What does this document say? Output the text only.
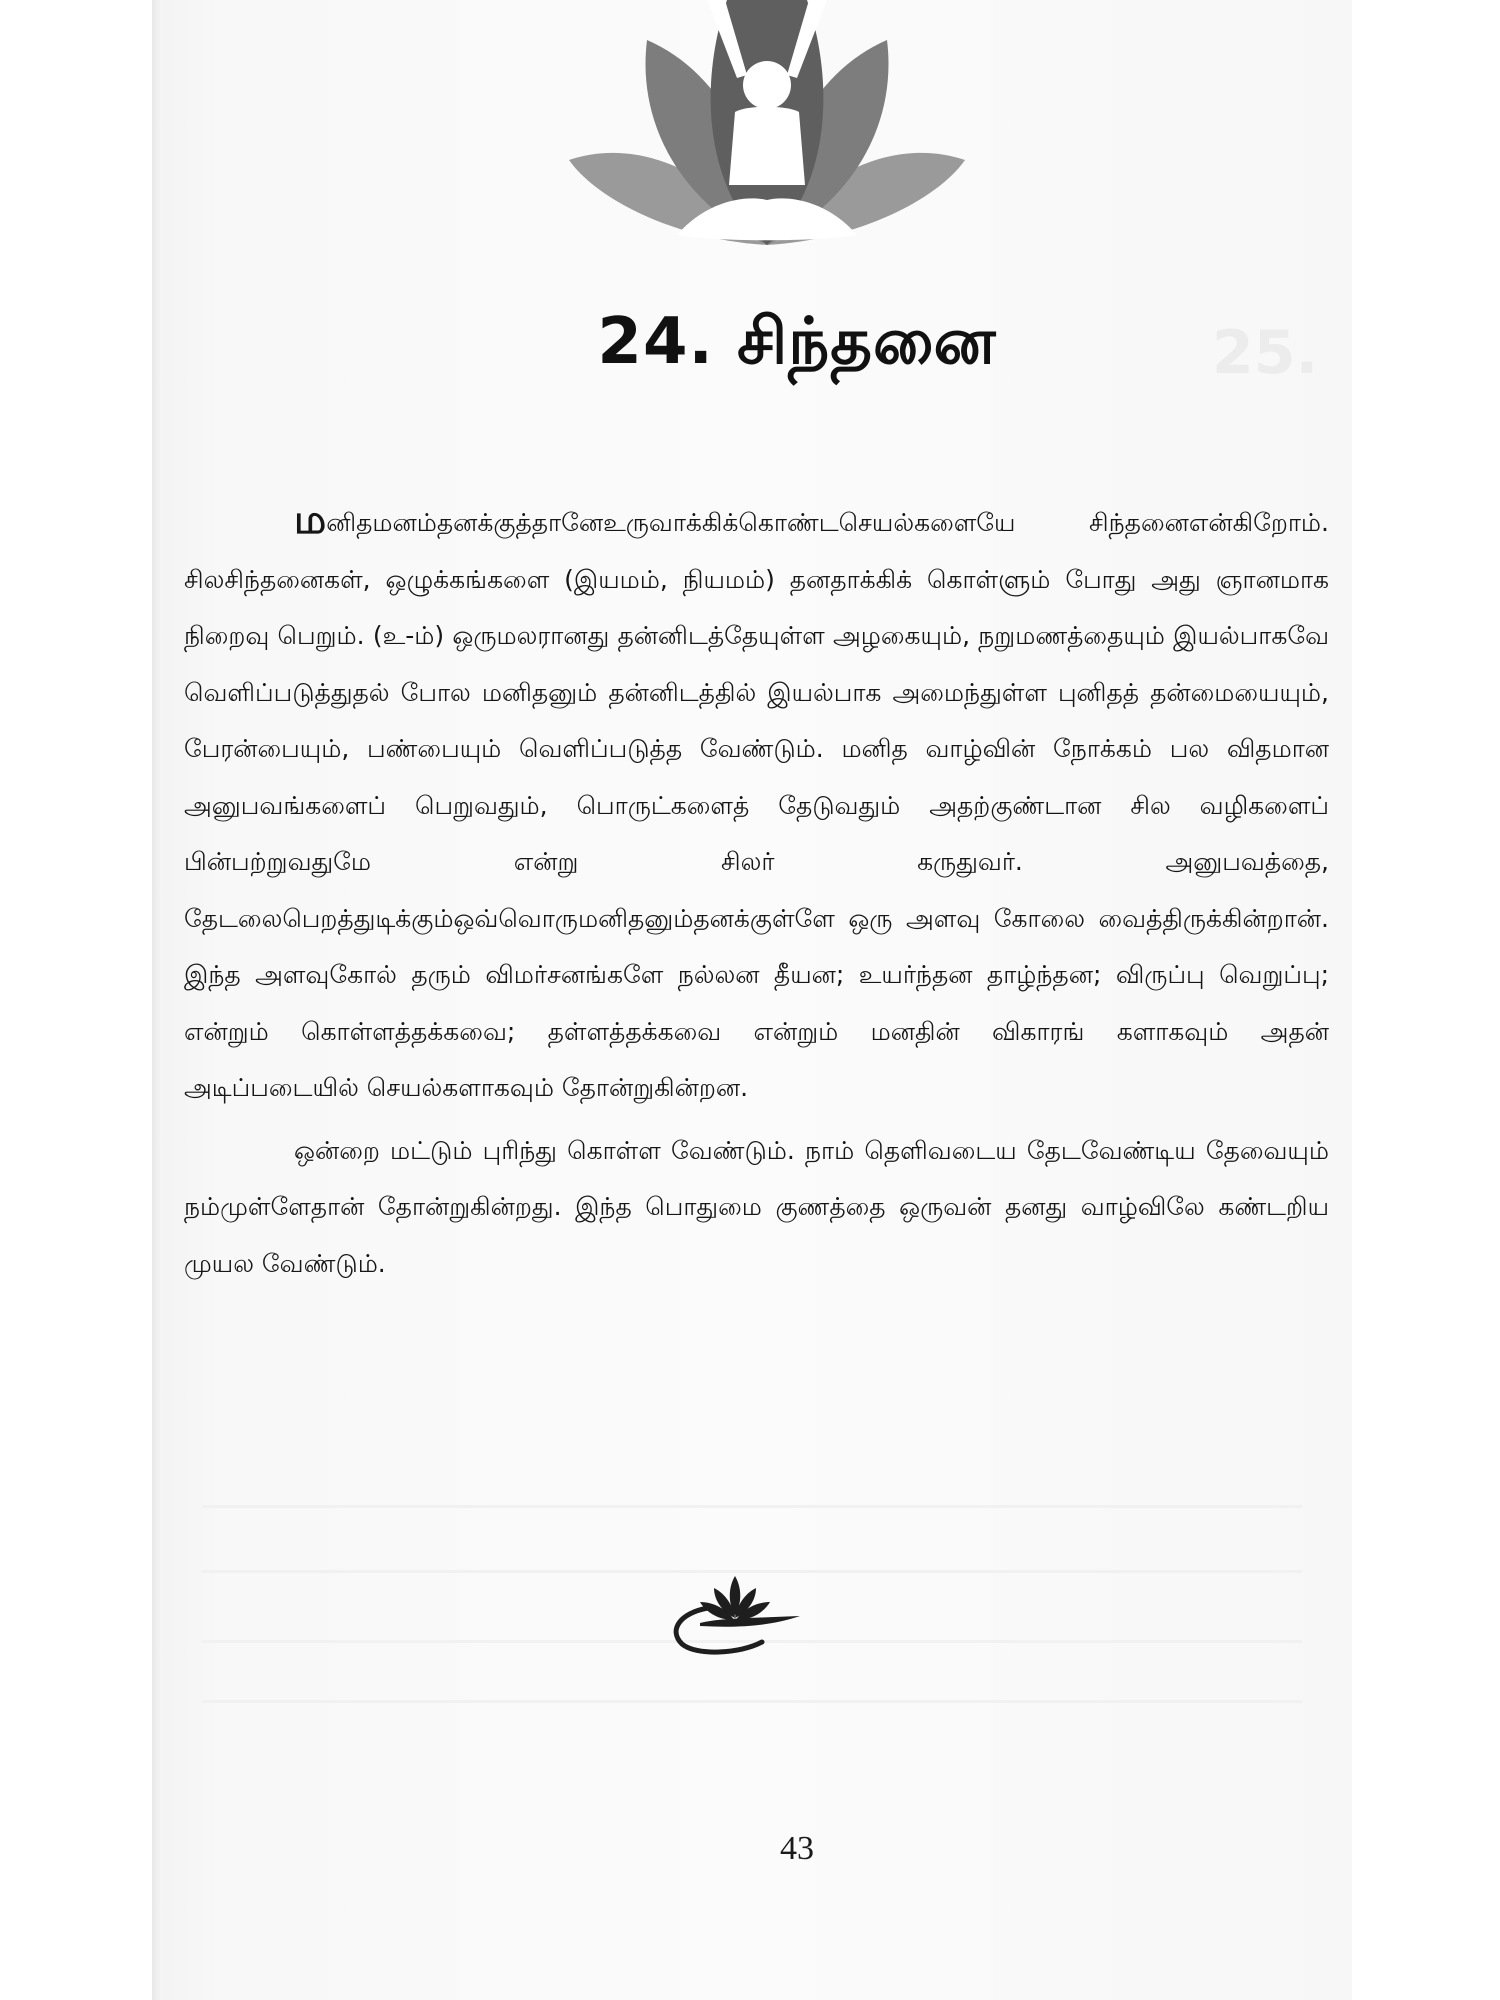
25.
24. சிந்தனை

மனிதமனம்தனக்குத்தானேஉருவாக்கிக்கொண்டசெயல்களையே சிந்தனைஎன்கிறோம். சிலசிந்தனைகள், ஒழுக்கங்களை (இயமம், நியமம்) தனதாக்கிக் கொள்ளும் போது அது ஞானமாக நிறைவு பெறும். (உ-ம்) ஒருமலரானது தன்னிடத்தேயுள்ள அழகையும், நறுமணத்தையும் இயல்பாகவே வெளிப்படுத்துதல் போல மனிதனும் தன்னிடத்தில் இயல்பாக அமைந்துள்ள புனிதத் தன்மையையும், பேரன்பையும், பண்பையும் வெளிப்படுத்த வேண்டும். மனித வாழ்வின் நோக்கம் பல விதமான அனுபவங்களைப் பெறுவதும், பொருட்களைத் தேடுவதும் அதற்குண்டான சில வழிகளைப் பின்பற்றுவதுமே என்று சிலர் கருதுவர். அனுபவத்தை, தேடலைபெறத்துடிக்கும்ஒவ்வொருமனிதனும்தனக்குள்ளே ஒரு அளவு கோலை வைத்திருக்கின்றான். இந்த அளவுகோல் தரும் விமர்சனங்களே நல்லன தீயன; உயர்ந்தன தாழ்ந்தன; விருப்பு வெறுப்பு; என்றும் கொள்ளத்தக்கவை; தள்ளத்தக்கவை என்றும் மனதின் விகாரங் களாகவும் அதன் அடிப்படையில் செயல்களாகவும் தோன்றுகின்றன.

ஒன்றை மட்டும் புரிந்து கொள்ள வேண்டும். நாம் தெளிவடைய தேடவேண்டிய தேவையும் நம்முள்ளேதான் தோன்றுகின்றது. இந்த பொதுமை குணத்தை ஒருவன் தனது வாழ்விலே கண்டறிய முயல வேண்டும்.

43
